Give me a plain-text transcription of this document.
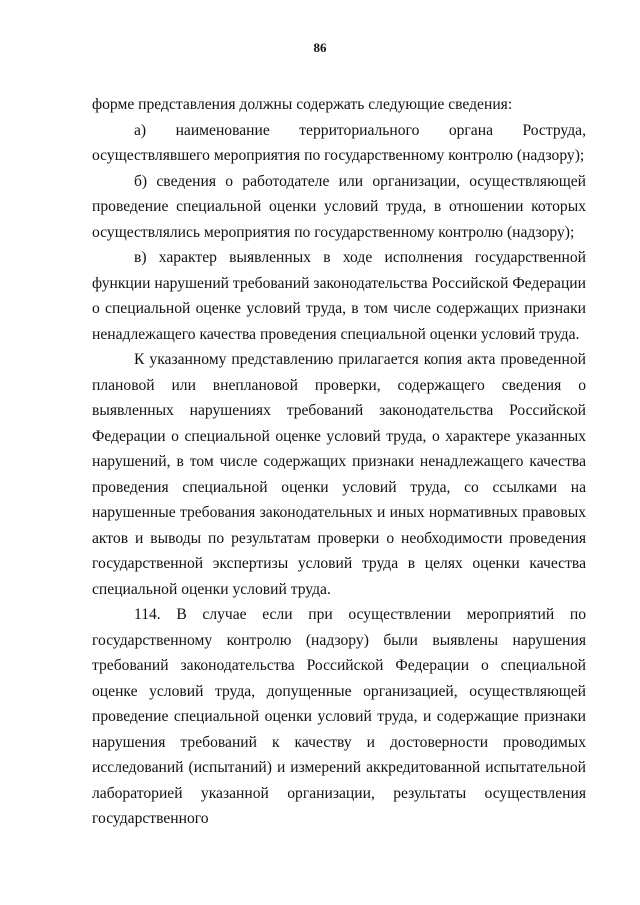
86

форме представления должны содержать следующие сведения:

а) наименование территориального органа Роструда, осуществлявшего мероприятия по государственному контролю (надзору);

б) сведения о работодателе или организации, осуществляющей проведение специальной оценки условий труда, в отношении которых осуществлялись мероприятия по государственному контролю (надзору);

в) характер выявленных в ходе исполнения государственной функции нарушений требований законодательства Российской Федерации о специальной оценке условий труда, в том числе содержащих признаки ненадлежащего качества проведения специальной оценки условий труда.

К указанному представлению прилагается копия акта проведенной плановой или внеплановой проверки, содержащего сведения о выявленных нарушениях требований законодательства Российской Федерации о специальной оценке условий труда, о характере указанных нарушений, в том числе содержащих признаки ненадлежащего качества проведения специальной оценки условий труда, со ссылками на нарушенные требования законодательных и иных нормативных правовых актов и выводы по результатам проверки о необходимости проведения государственной экспертизы условий труда в целях оценки качества специальной оценки условий труда.

114. В случае если при осуществлении мероприятий по государственному контролю (надзору) были выявлены нарушения требований законодательства Российской Федерации о специальной оценке условий труда, допущенные организацией, осуществляющей проведение специальной оценки условий труда, и содержащие признаки нарушения требований к качеству и достоверности проводимых исследований (испытаний) и измерений аккредитованной испытательной лабораторией указанной организации, результаты осуществления государственного
